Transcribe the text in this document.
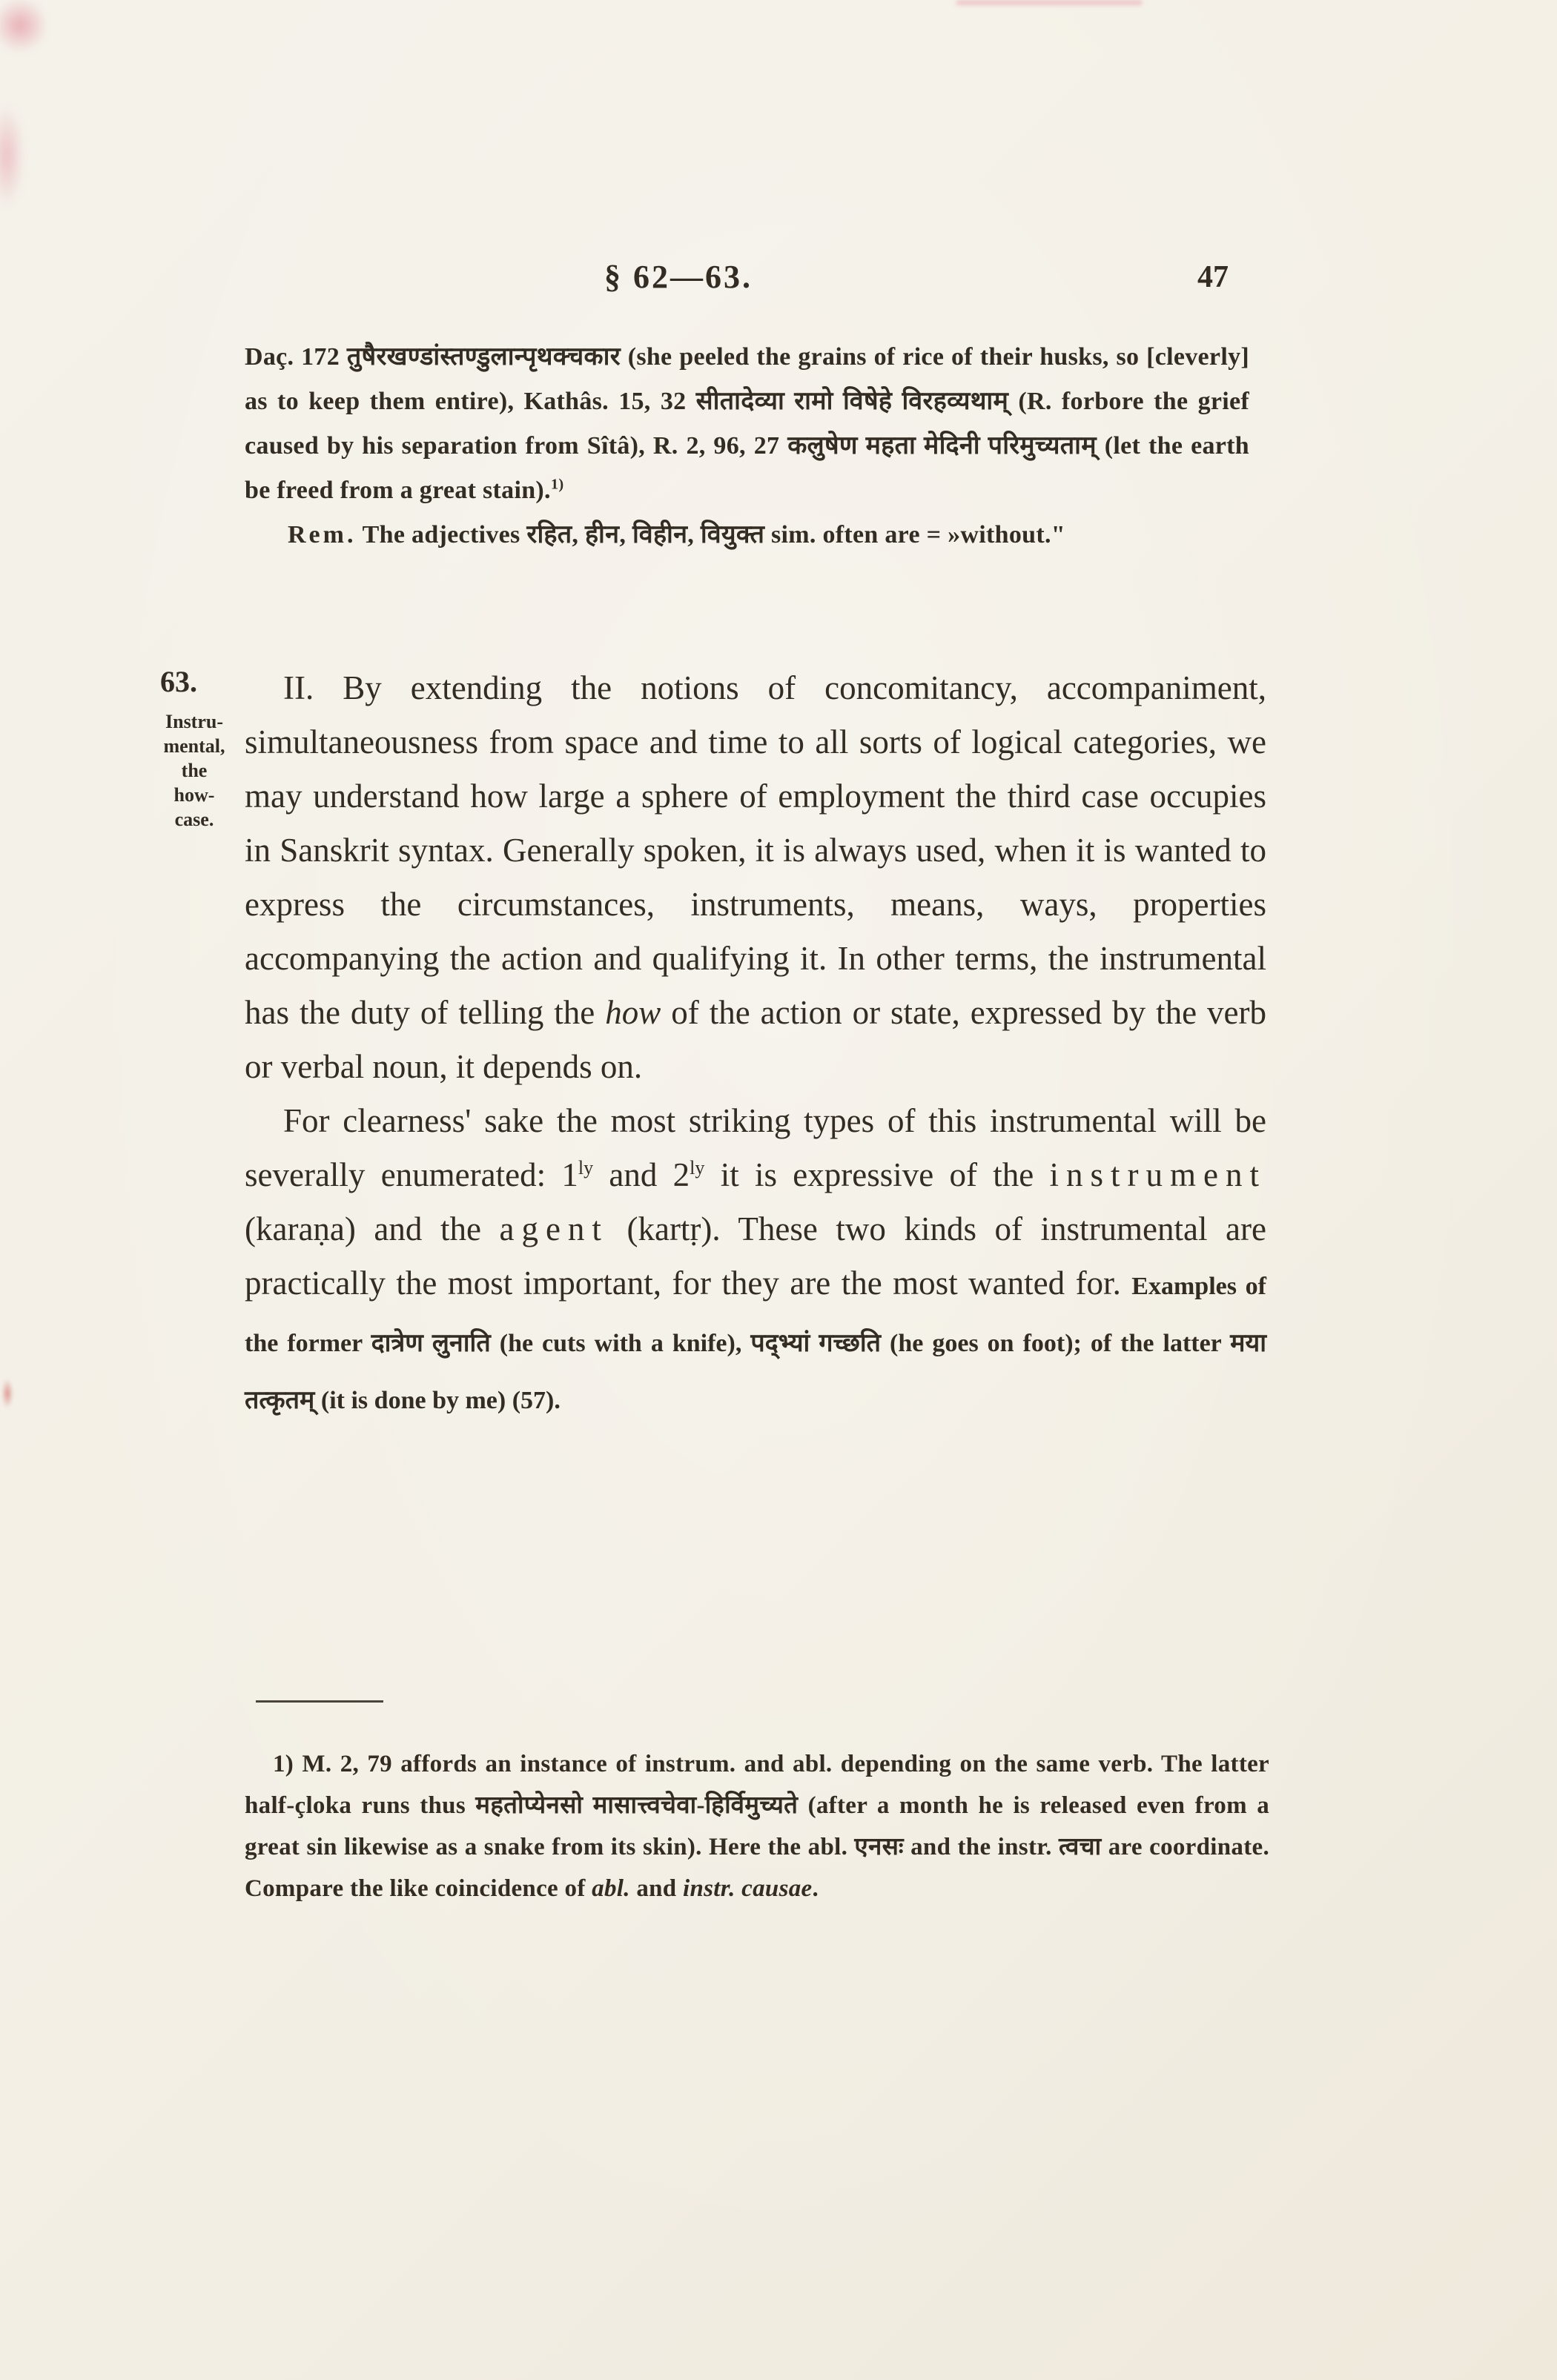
§ 62—63.	47

Daç. 172 तुषैरखण्डांस्तण्डुलान्पृथक्चकार (she peeled the grains of rice of their husks, so [cleverly] as to keep them entire), Kathâs. 15, 32 सीतादेव्या रामो विषेहे विरहव्यथाम् (R. forbore the grief caused by his separation from Sîtâ), R. 2, 96, 27 कलुषेण महता मेदिनी परिमुच्यताम् (let the earth be freed from a great stain).$^{1)}$

Rem. The adjectives रहित, हीन, विहीन, वियुक्त sim. often are = »without."

63.
Instru-
mental,
the
how-
case.

II. By extending the notions of concomitancy, accompaniment, simultaneousness from space and time to all sorts of logical categories, we may understand how large a sphere of employment the third case occupies in Sanskrit syntax. Generally spoken, it is always used, when it is wanted to express the circumstances, instruments, means, ways, properties accompanying the action and qualifying it. In other terms, the instrumental has the duty of telling the how of the action or state, expressed by the verb or verbal noun, it depends on.

For clearness' sake the most striking types of this instrumental will be severally enumerated: $1^{ly}$ and $2^{ly}$ it is expressive of the instrument (karaṇa) and the agent (kartṛ). These two kinds of instrumental are practically the most important, for they are the most wanted for. Examples of the former दात्रेण लुनाति (he cuts with a knife), पद्भ्यां गच्छति (he goes on foot); of the latter मया तत्कृतम् (it is done by me) (57).

1) M. 2, 79 affords an instance of instrum. and abl. depending on the same verb. The latter half-çloka runs thus महतोप्येनसो मासात्त्वचेवा-हिर्विमुच्यते (after a month he is released even from a great sin likewise as a snake from its skin). Here the abl. एनसः and the instr. त्वचा are coordinate. Compare the like coincidence of abl. and instr. causae.
